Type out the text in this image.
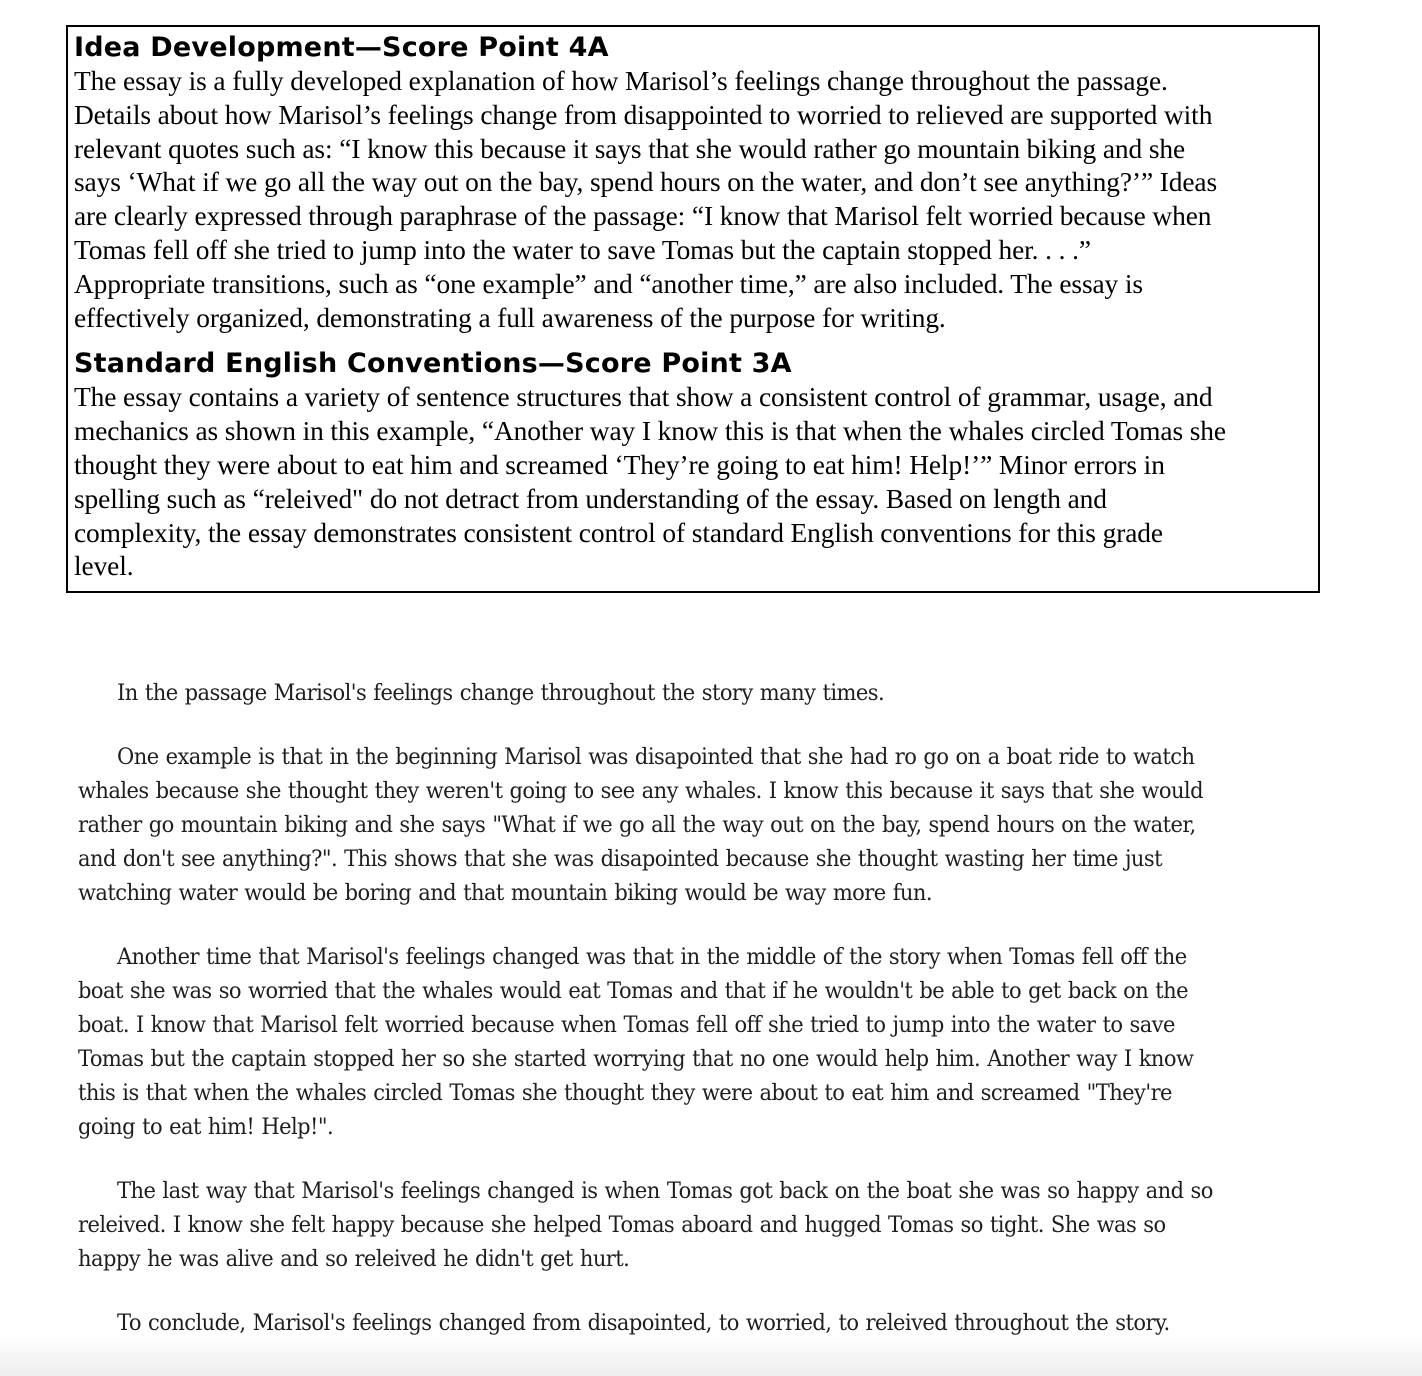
Idea Development—Score Point 4A

The essay is a fully developed explanation of how Marisol’s feelings change throughout the passage.
Details about how Marisol’s feelings change from disappointed to worried to relieved are supported with
relevant quotes such as: “I know this because it says that she would rather go mountain biking and she
says ‘What if we go all the way out on the bay, spend hours on the water, and don’t see anything?’” Ideas
are clearly expressed through paraphrase of the passage: “I know that Marisol felt worried because when
Tomas fell off she tried to jump into the water to save Tomas but the captain stopped her. . . .”
Appropriate transitions, such as “one example” and “another time,” are also included. The essay is
effectively organized, demonstrating a full awareness of the purpose for writing.

Standard English Conventions—Score Point 3A

The essay contains a variety of sentence structures that show a consistent control of grammar, usage, and
mechanics as shown in this example, “Another way I know this is that when the whales circled Tomas she
thought they were about to eat him and screamed ‘They’re going to eat him! Help!’” Minor errors in
spelling such as “releived" do not detract from understanding of the essay. Based on length and
complexity, the essay demonstrates consistent control of standard English conventions for this grade
level.

In the passage Marisol's feelings change throughout the story many times.

One example is that in the beginning Marisol was disapointed that she had ro go on a boat ride to watch
whales because she thought they weren't going to see any whales. I know this because it says that she would
rather go mountain biking and she says "What if we go all the way out on the bay, spend hours on the water,
and don't see anything?". This shows that she was disapointed because she thought wasting her time just
watching water would be boring and that mountain biking would be way more fun.

Another time that Marisol's feelings changed was that in the middle of the story when Tomas fell off the
boat she was so worried that the whales would eat Tomas and that if he wouldn't be able to get back on the
boat. I know that Marisol felt worried because when Tomas fell off she tried to jump into the water to save
Tomas but the captain stopped her so she started worrying that no one would help him. Another way I know
this is that when the whales circled Tomas she thought they were about to eat him and screamed "They're
going to eat him! Help!".

The last way that Marisol's feelings changed is when Tomas got back on the boat she was so happy and so
releived. I know she felt happy because she helped Tomas aboard and hugged Tomas so tight. She was so
happy he was alive and so releived he didn't get hurt.

To conclude, Marisol's feelings changed from disapointed, to worried, to releived throughout the story.
